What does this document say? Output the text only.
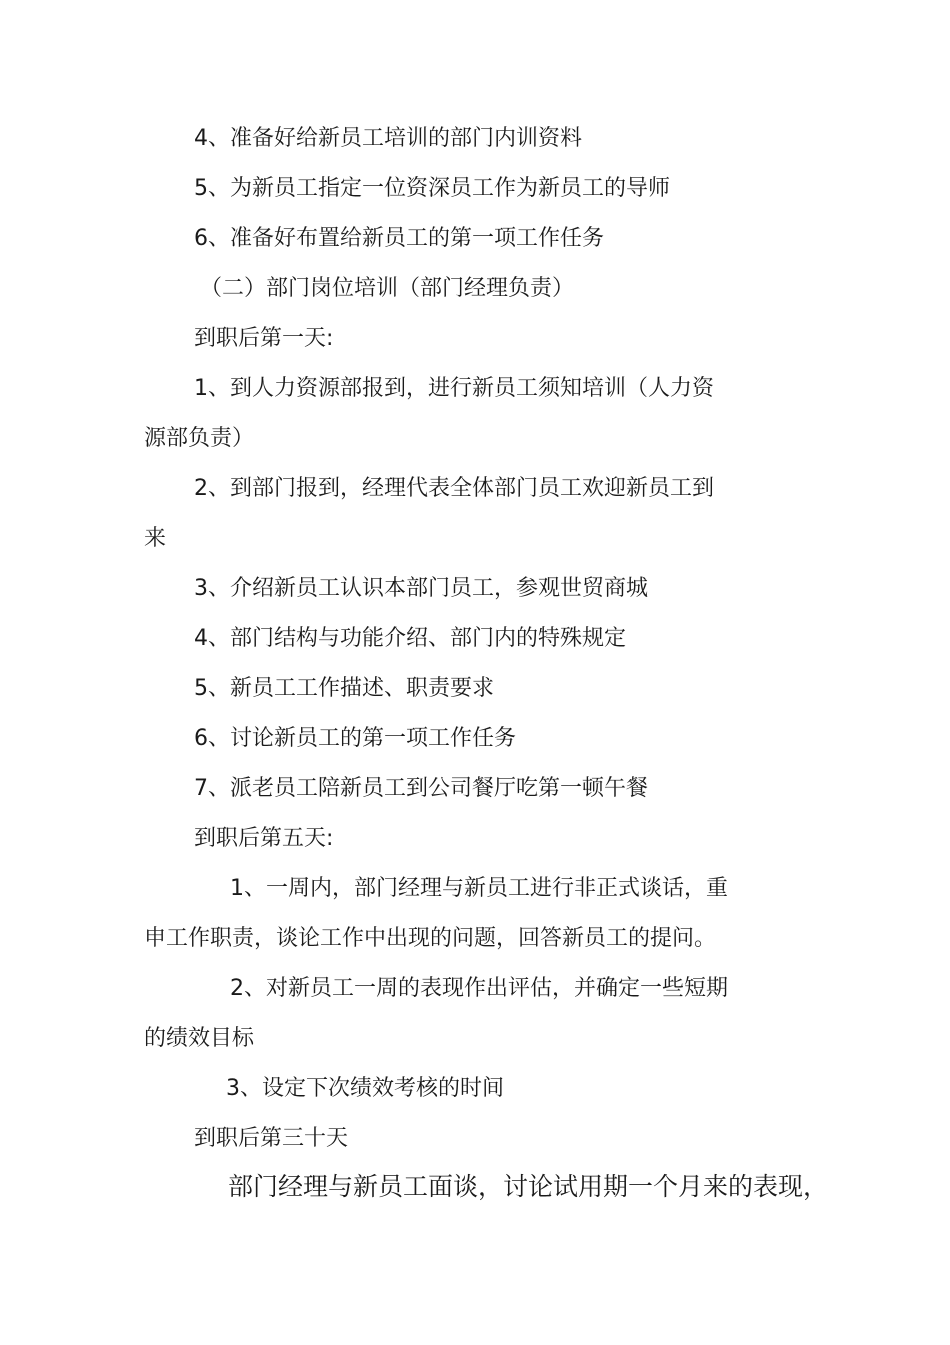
4、准备好给新员工培训的部门内训资料
5、为新员工指定一位资深员工作为新员工的导师
6、准备好布置给新员工的第一项工作任务
（二）部门岗位培训（部门经理负责）
到职后第一天:
1、到人力资源部报到，进行新员工须知培训（人力资
源部负责）
2、到部门报到，经理代表全体部门员工欢迎新员工到
来
3、介绍新员工认识本部门员工，参观世贸商城
4、部门结构与功能介绍、部门内的特殊规定
5、新员工工作描述、职责要求
6、讨论新员工的第一项工作任务
7、派老员工陪新员工到公司餐厅吃第一顿午餐
到职后第五天:
1、一周内，部门经理与新员工进行非正式谈话，重
申工作职责，谈论工作中出现的问题，回答新员工的提问。
2、对新员工一周的表现作出评估，并确定一些短期
的绩效目标
3、设定下次绩效考核的时间
到职后第三十天
部门经理与新员工面谈，讨论试用期一个月来的表现，
